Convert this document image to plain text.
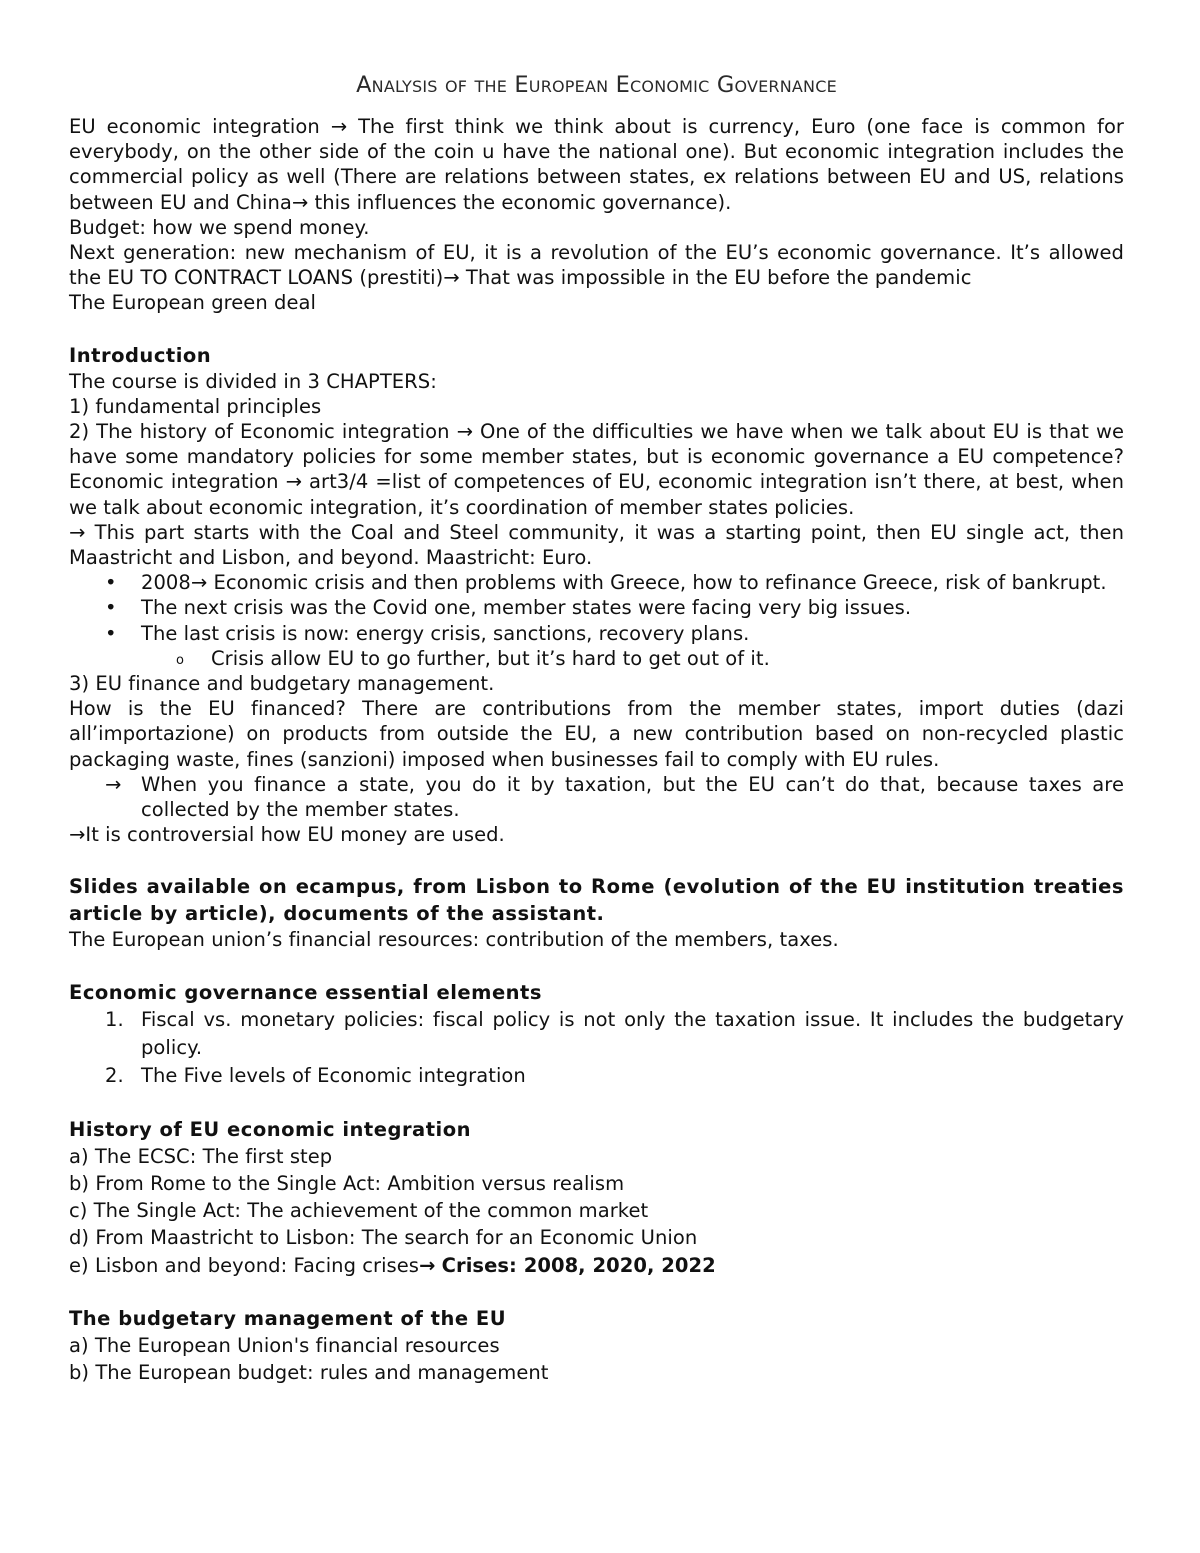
Analysis of the European Economic Governance

EU economic integration → The first think we think about is currency, Euro (one face is common for everybody, on the other side of the coin u have the national one). But economic integration includes the commercial policy as well (There are relations between states, ex relations between EU and US, relations between EU and China→ this influences the economic governance).

Budget: how we spend money.

Next generation: new mechanism of EU, it is a revolution of the EU’s economic governance. It’s allowed the EU TO CONTRACT LOANS (prestiti)→ That was impossible in the EU before the pandemic

The European green deal

Introduction

The course is divided in 3 CHAPTERS:

1) fundamental principles

2) The history of Economic integration → One of the difficulties we have when we talk about EU is that we have some mandatory policies for some member states, but is economic governance a EU competence? Economic integration → art3/4 =list of competences of EU, economic integration isn’t there, at best, when we talk about economic integration, it’s coordination of member states policies.

→ This part starts with the Coal and Steel community, it was a starting point, then EU single act, then Maastricht and Lisbon, and beyond. Maastricht: Euro.

• 2008→ Economic crisis and then problems with Greece, how to refinance Greece, risk of bankrupt.
• The next crisis was the Covid one, member states were facing very big issues.
• The last crisis is now: energy crisis, sanctions, recovery plans.
o Crisis allow EU to go further, but it’s hard to get out of it.

3) EU finance and budgetary management.

How is the EU financed? There are contributions from the member states, import duties (dazi all’importazione) on products from outside the EU, a new contribution based on non-recycled plastic packaging waste, fines (sanzioni) imposed when businesses fail to comply with EU rules.

→ When you finance a state, you do it by taxation, but the EU can’t do that, because taxes are collected by the member states.

→It is controversial how EU money are used.

Slides available on ecampus, from Lisbon to Rome (evolution of the EU institution treaties article by article), documents of the assistant.

The European union’s financial resources: contribution of the members, taxes.

Economic governance essential elements
1. Fiscal vs. monetary policies: fiscal policy is not only the taxation issue. It includes the budgetary policy.
2. The Five levels of Economic integration
History of EU economic integration

a) The ECSC: The first step

b) From Rome to the Single Act: Ambition versus realism

c) The Single Act: The achievement of the common market

d) From Maastricht to Lisbon: The search for an Economic Union

e) Lisbon and beyond: Facing crises→ Crises: 2008, 2020, 2022

The budgetary management of the EU

a) The European Union's financial resources

b) The European budget: rules and management
